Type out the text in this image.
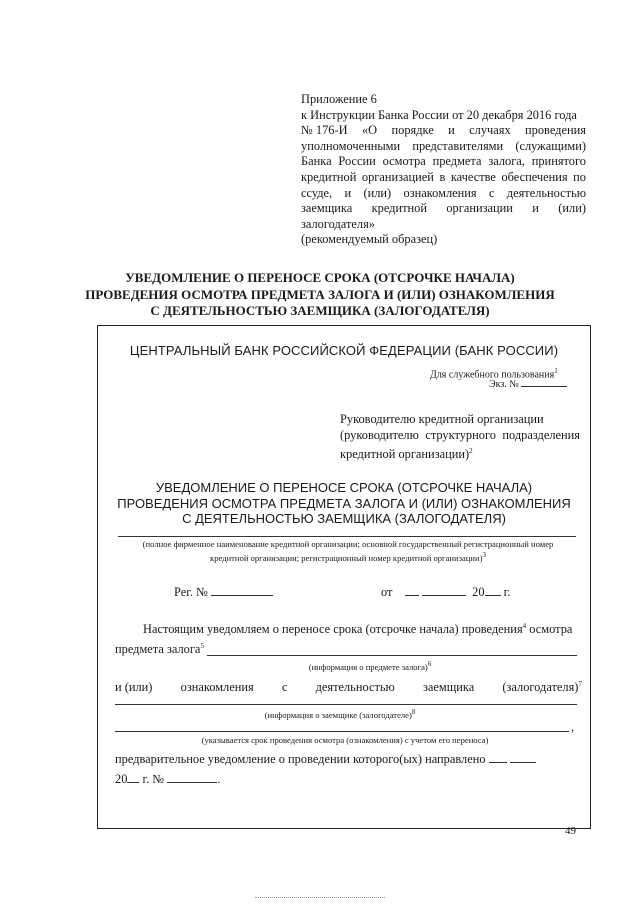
Приложение 6
к Инструкции Банка России от 20 декабря 2016 года
№ 176-И «О порядке и случаях проведения
уполномоченными представителями (служащими)
Банка России осмотра предмета залога, принятого
кредитной организацией в качестве обеспечения по
ссуде, и (или) ознакомления с деятельностью
заемщика кредитной организации и (или)
залогодателя»
(рекомендуемый образец)
УВЕДОМЛЕНИЕ О ПЕРЕНОСЕ СРОКА (ОТСРОЧКЕ НАЧАЛА)
ПРОВЕДЕНИЯ ОСМОТРА ПРЕДМЕТА ЗАЛОГА И (ИЛИ) ОЗНАКОМЛЕНИЯ
С ДЕЯТЕЛЬНОСТЬЮ ЗАЕМЩИКА (ЗАЛОГОДАТЕЛЯ)
ЦЕНТРАЛЬНЫЙ БАНК РОССИЙСКОЙ ФЕДЕРАЦИИ (БАНК РОССИИ)
Для служебного пользования$^1$
Экз. №
Руководителю кредитной организации
(руководителю структурного подразделения
кредитной организации)$^2$
УВЕДОМЛЕНИЕ О ПЕРЕНОСЕ СРОКА (ОТСРОЧКЕ НАЧАЛА)
ПРОВЕДЕНИЯ ОСМОТРА ПРЕДМЕТА ЗАЛОГА И (ИЛИ) ОЗНАКОМЛЕНИЯ
С ДЕЯТЕЛЬНОСТЬЮ ЗАЕМЩИКА (ЗАЛОГОДАТЕЛЯ)
(полное фирменное наименование кредитной организации; основной государственный регистрационный номер
кредитной организации; регистрационный номер кредитной организации)$^3$
Рег. №	от	20 г.
Настоящим уведомляем о переносе срока (отсрочке начала) проведения$^4$ осмотра
предмета залога$^5$
(информация о предмете залога)$^6$
и (или) ознакомления с деятельностью заемщика (залогодателя)$^7$
(информация о заемщике (залогодателе)$^8$
,
(указывается срок проведения осмотра (ознакомления) с учетом его переноса)
предварительное уведомление о проведении которого(ых) направлено
20 г. №	.
49
